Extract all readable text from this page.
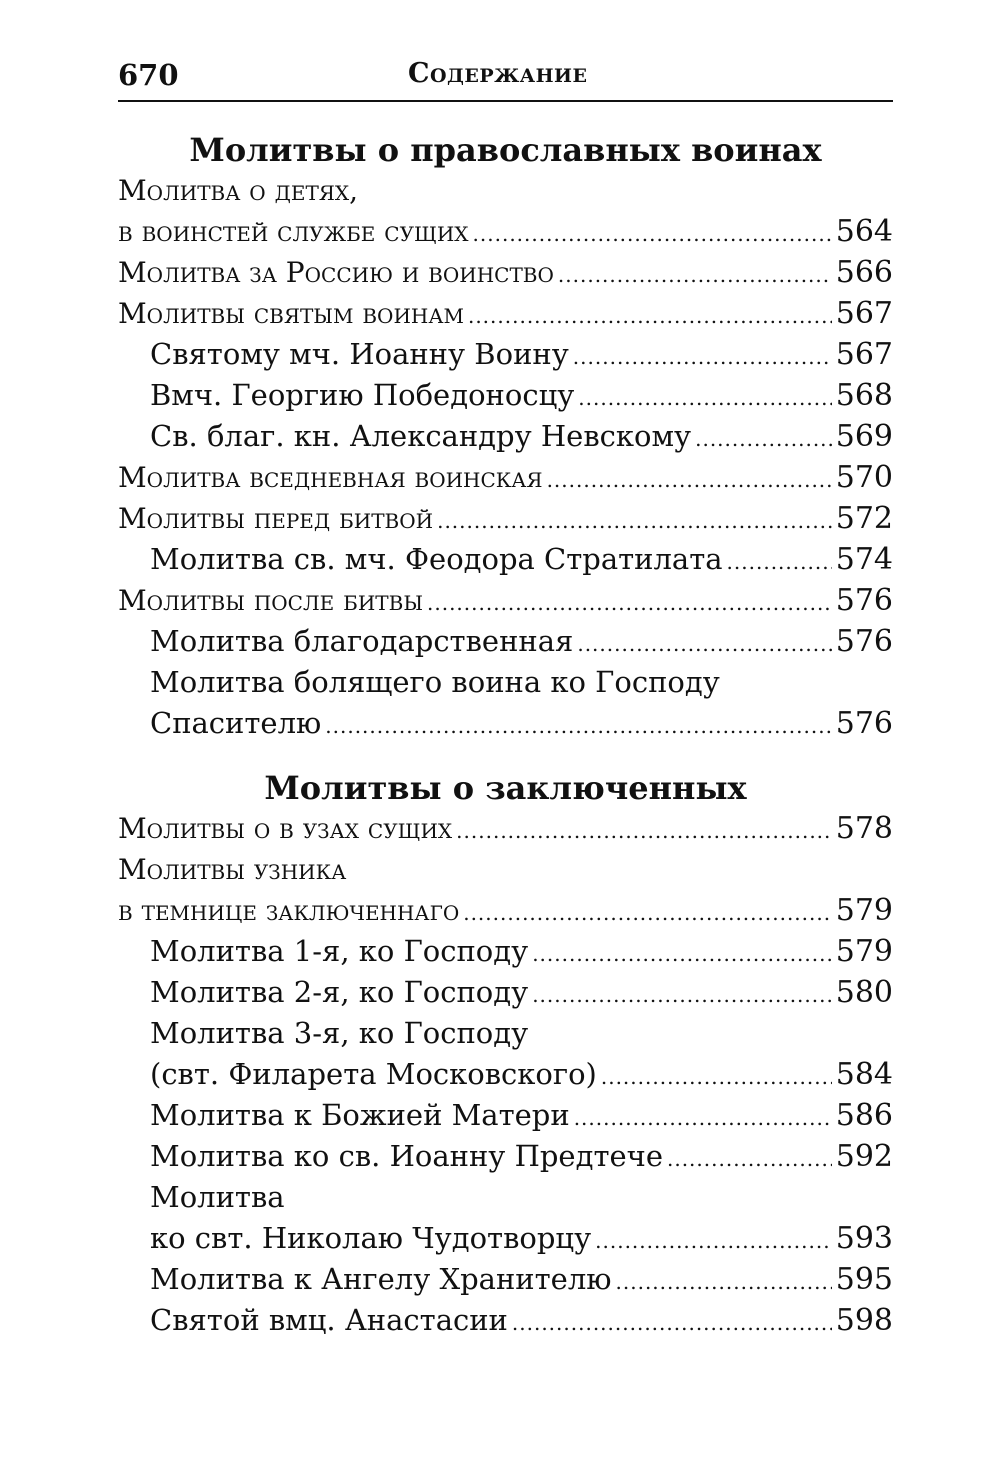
670	Содержание
Молитвы о православных воинах
Молитва о детях,
в воинстей службе сущих .....	564
Молитва за Россию и воинство .....	566
Молитвы святым воинам .....	567
Святому мч. Иоанну Воину .....	567
Вмч. Георгию Победоносцу .....	568
Св. благ. кн. Александру Невскому .....	569
Молитва вседневная воинская .....	570
Молитвы перед битвой .....	572
Молитва св. мч. Феодора Стратилата .....	574
Молитвы после битвы .....	576
Молитва благодарственная .....	576
Молитва болящего воина ко Господу
Спасителю .....	576
Молитвы о заключенных
Молитвы о в узах сущих .....	578
Молитвы узника
в темнице заключеннаго .....	579
Молитва 1-я, ко Господу .....	579
Молитва 2-я, ко Господу .....	580
Молитва 3-я, ко Господу
(свт. Филарета Московского) .....	584
Молитва к Божией Матери .....	586
Молитва ко св. Иоанну Предтече .....	592
Молитва
ко свт. Николаю Чудотворцу .....	593
Молитва к Ангелу Хранителю .....	595
Святой вмц. Анастасии .....	598
